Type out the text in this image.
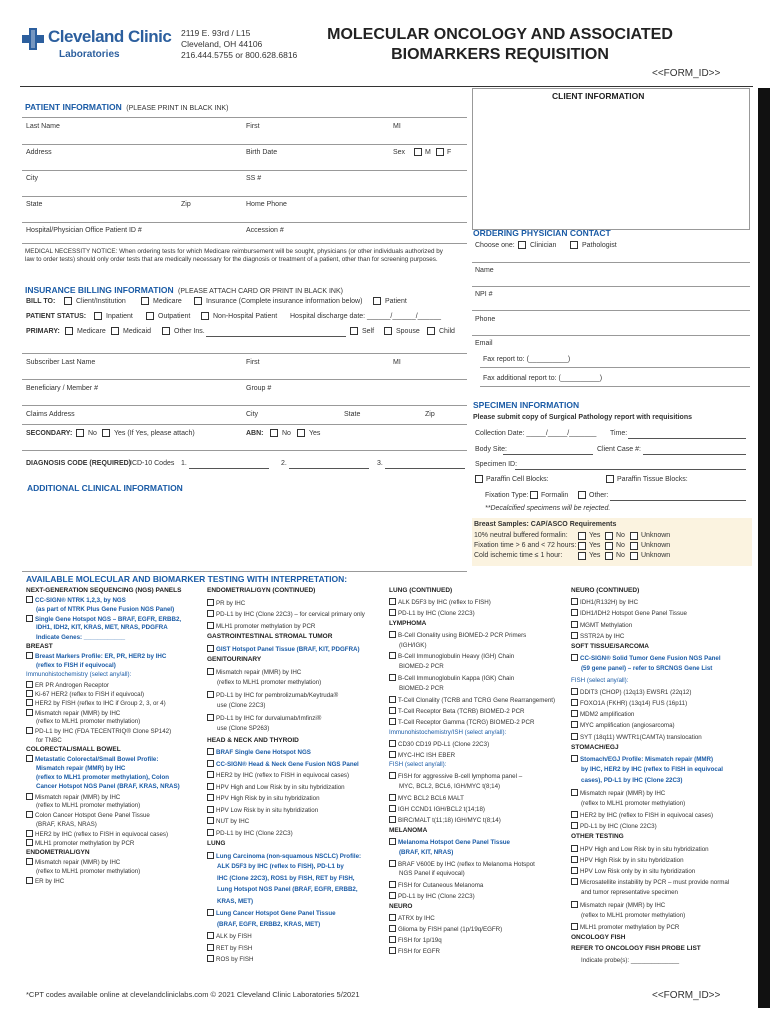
Cleveland Clinic
Laboratories
2119 E. 93rd / L15
Cleveland, OH 44106
216.444.5755 or 800.628.6816
MOLECULAR ONCOLOGY AND ASSOCIATED
BIOMARKERS REQUISITION
<<FORM_ID>>
CLIENT INFORMATION
PATIENT INFORMATION (PLEASE PRINT IN BLACK INK)
Last Name	First	MI
Address	Birth Date	Sex	M F
City	SS #
State	Zip	Home Phone
Hospital/Physician Office Patient ID #	Accession #
MEDICAL NECESSITY NOTICE: When ordering tests for which Medicare reimbursement will be sought, physicians (or other individuals authorized by
law to order tests) should only order tests that are medically necessary for the diagnosis or treatment of a patient, other than for screening purposes.
INSURANCE BILLING INFORMATION (PLEASE ATTACH CARD OR PRINT IN BLACK INK)
BILL TO:	Client/Institution	Medicare	Insurance (Complete insurance information below)	Patient
PATIENT STATUS:	Inpatient	Outpatient	Non-Hospital Patient Hospital discharge date: ______/______/______
PRIMARY: Medicare Medicaid	Other Ins.	Self	Spouse	Child
Subscriber Last Name	First	MI
Beneficiary / Member #	Group #
Claims Address	City	State	Zip
SECONDARY: No Yes (If Yes, please attach)	ABN:	No	Yes
DIAGNOSIS CODE (REQUIRED)
ICD-10 Codes 1.	2.	3.
ADDITIONAL CLINICAL INFORMATION
ORDERING PHYSICIAN CONTACT
Choose one: Clinician	Pathologist
Name
NPI #
Phone
Email
Fax report to: (__________)
Fax additional report to: (__________)
SPECIMEN INFORMATION
Please submit copy of Surgical Pathology report with requisitions
Collection Date: _____/_____/_______ Time:
Body Site:	Client Case #:
Specimen ID:
Paraffin Cell Blocks:	Paraffin Tissue Blocks:
Fixation Type: Formalin	Other:
**Decalcified specimens will be rejected.
Breast Samples: CAP/ASCO Requirements
10% neutral buffered formalin:	Yes No Unknown
Fixation time > 6 and < 72 hours: Yes No Unknown
Cold ischemic time ≤ 1 hour:	Yes No Unknown
AVAILABLE MOLECULAR AND BIOMARKER TESTING WITH INTERPRETATION:
NEXT-GENERATION SEQUENCING (NGS) PANELS
CC-SIGN® NTRK 1,2,3, by NGS
(as part of NTRK Plus Gene Fusion NGS Panel)
Single Gene Hotspot NGS – BRAF, EGFR, ERBB2,
IDH1, IDH2, KIT, KRAS, MET, NRAS, PDGFRA
Indicate Genes: ____________
BREAST
Breast Markers Profile: ER, PR, HER2 by IHC
(reflex to FISH if equivocal)
Immunohistochemistry (select any/all):
ER PR Androgen Receptor
Ki-67 HER2 (reflex to FISH if equivocal)
HER2 by FISH (reflex to IHC if Group 2, 3, or 4)
Mismatch repair (MMR) by IHC
(reflex to MLH1 promoter methylation)
PD-L1 by IHC (FDA TECENTRIQ® Clone SP142)
for TNBC
COLORECTAL/SMALL BOWEL
Metastatic Colorectal/Small Bowel Profile:
Mismatch repair (MMR) by IHC
(reflex to MLH1 promoter methylation), Colon
Cancer Hotspot NGS Panel (BRAF, KRAS, NRAS)
Mismatch repair (MMR) by IHC
(reflex to MLH1 promoter methylation)
Colon Cancer Hotspot Gene Panel Tissue
(BRAF, KRAS, NRAS)
HER2 by IHC (reflex to FISH in equivocal cases)
MLH1 promoter methylation by PCR
ENDOMETRIAL/GYN
Mismatch repair (MMR) by IHC
(reflex to MLH1 promoter methylation)
ER by IHC
ENDOMETRIAL/GYN (CONTINUED)
PR by IHC
PD-L1 by IHC (Clone 22C3) – for cervical primary only
MLH1 promoter methylation by PCR
GASTROINTESTINAL STROMAL TUMOR
GIST Hotspot Panel Tissue (BRAF, KIT, PDGFRA)
GENITOURINARY
Mismatch repair (MMR) by IHC
(reflex to MLH1 promoter methylation)
PD-L1 by IHC for pembrolizumab/Keytruda®
use (Clone 22C3)
PD-L1 by IHC for durvalumab/Imfinzi®
use (Clone SP263)
HEAD & NECK AND THYROID
BRAF Single Gene Hotspot NGS
CC-SIGN® Head & Neck Gene Fusion NGS Panel
HER2 by IHC (reflex to FISH in equivocal cases)
HPV High and Low Risk by in situ hybridization
HPV High Risk by in situ hybridization
HPV Low Risk by in situ hybridization
NUT by IHC
PD-L1 by IHC (Clone 22C3)
LUNG
Lung Carcinoma (non-squamous NSCLC) Profile:
ALK D5F3 by IHC (reflex to FISH), PD-L1 by
IHC (Clone 22C3), ROS1 by FISH, RET by FISH,
Lung Hotspot NGS Panel (BRAF, EGFR, ERBB2,
KRAS, MET)
Lung Cancer Hotspot Gene Panel Tissue
(BRAF, EGFR, ERBB2, KRAS, MET)
ALK by FISH
RET by FISH
ROS by FISH
LUNG (CONTINUED)
ALK D5F3 by IHC (reflex to FISH)
PD-L1 by IHC (Clone 22C3)
LYMPHOMA
B-Cell Clonality using BIOMED-2 PCR Primers
(IGH/IGK)
B-Cell Immunoglobulin Heavy (IGH) Chain
BIOMED-2 PCR
B-Cell Immunoglobulin Kappa (IGK) Chain
BIOMED-2 PCR
T-Cell Clonality (TCRB and TCRG Gene Rearrangement)
T-Cell Receptor Beta (TCRB) BIOMED-2 PCR
T-Cell Receptor Gamma (TCRG) BIOMED-2 PCR
Immunohistochemistry/ISH (select any/all):
CD30 CD19 PD-L1 (Clone 22C3)
MYC-IHC ISH EBER
FISH (select any/all):
FISH for aggressive B-cell lymphoma panel –
MYC, BCL2, BCL6, IGH/MYC t(8;14)
MYC BCL2 BCL6 MALT
IGH CCND1 IGH/BCL2 t(14;18)
BIRC/MALT t(11;18) IGH/MYC t(8;14)
MELANOMA
Melanoma Hotspot Gene Panel Tissue
(BRAF, KIT, NRAS)
BRAF V600E by IHC (reflex to Melanoma Hotspot
NGS Panel if equivocal)
FISH for Cutaneous Melanoma
PD-L1 by IHC (Clone 22C3)
NEURO
ATRX by IHC
Glioma by FISH panel (1p/19q/EGFR)
FISH for 1p/19q
FISH for EGFR
NEURO (CONTINUED)
IDH1(R132H) by IHC
IDH1/IDH2 Hotspot Gene Panel Tissue
MGMT Methylation
SSTR2A by IHC
SOFT TISSUE/SARCOMA
CC-SIGN® Solid Tumor Gene Fusion NGS Panel
(59 gene panel) – refer to SRCNGS Gene List
FISH (select any/all):
DDIT3 (CHOP) (12q13) EWSR1 (22q12)
FOXO1A (FKHR) (13q14) FUS (16p11)
MDM2 amplification
MYC amplification (angiosarcoma)
SYT (18q11) WWTR1(CAMTA) translocation
STOMACH/EGJ
Stomach/EGJ Profile: Mismatch repair (MMR)
by IHC, HER2 by IHC (reflex to FISH in equivocal
cases), PD-L1 by IHC (Clone 22C3)
Mismatch repair (MMR) by IHC
(reflex to MLH1 promoter methylation)
HER2 by IHC (reflex to FISH in equivocal cases)
PD-L1 by IHC (Clone 22C3)
OTHER TESTING
HPV High and Low Risk by in situ hybridization
HPV High Risk by in situ hybridization
HPV Low Risk only by in situ hybridization
Microsatellite instability by PCR – must provide normal
and tumor representative specimen
Mismatch repair (MMR) by IHC
(reflex to MLH1 promoter methylation)
MLH1 promoter methylation by PCR
ONCOLOGY FISH
REFER TO ONCOLOGY FISH PROBE LIST
Indicate probe(s): ______________
*CPT codes available online at clevelandcliniclabs.com © 2021 Cleveland Clinic Laboratories 5/2021	<<FORM_ID>>
